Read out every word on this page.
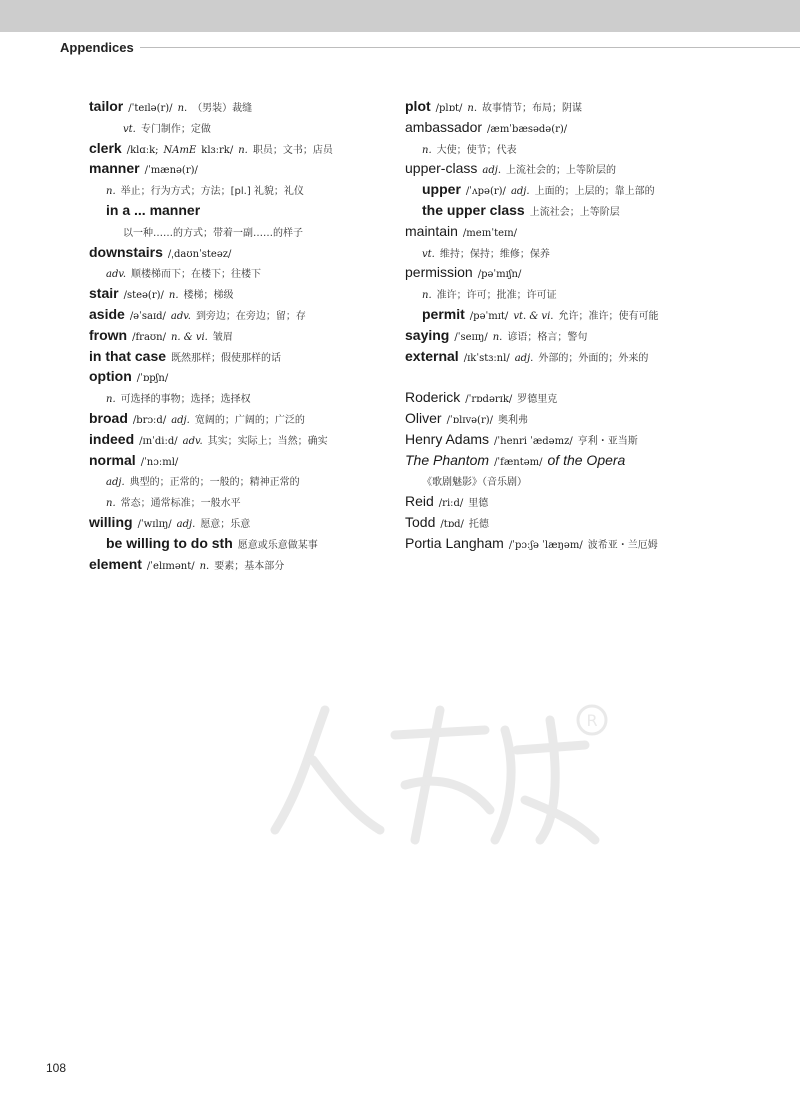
Appendices
tailor /ˈteɪlə(r)/ n. （男装）裁缝
vt. 专门制作；定做
clerk /klɑːk; NAmE klɜːrk/ n. 职员；文书；店员
manner /ˈmænə(r)/
n. 举止；行为方式；方法；[pl.] 礼貌；礼仪
in a ... manner
以一种……的方式；带着一副……的样子
downstairs /ˌdaʊnˈsteəz/
adv. 顺楼梯而下；在楼下；往楼下
stair /steə(r)/ n. 楼梯；梯级
aside /əˈsaɪd/ adv. 到旁边；在旁边；留；存
frown /fraʊn/ n. & vi. 皱眉
in that case 既然那样；假使那样的话
option /ˈɒpʃn/
n. 可选择的事物；选择；选择权
broad /brɔːd/ adj. 宽阔的；广阔的；广泛的
indeed /ɪnˈdiːd/ adv. 其实；实际上；当然；确实
normal /ˈnɔːml/
adj. 典型的；正常的；一般的；精神正常的
n. 常态；通常标准；一般水平
willing /ˈwɪlɪŋ/ adj. 愿意；乐意
be willing to do sth 愿意或乐意做某事
element /ˈelɪmənt/ n. 要素；基本部分
plot /plɒt/ n. 故事情节；布局；阴谋
ambassador /æmˈbæsədə(r)/
n. 大使；使节；代表
upper-class adj. 上流社会的；上等阶层的
upper /ˈʌpə(r)/ adj. 上面的；上层的；靠上部的
the upper class 上流社会；上等阶层
maintain /meɪnˈteɪn/
vt. 维持；保持；维修；保养
permission /pəˈmɪʃn/
n. 准许；许可；批准；许可证
permit /pəˈmɪt/ vt. & vi. 允许；准许；使有可能
saying /ˈseɪɪŋ/ n. 谚语；格言；警句
external /ɪkˈstɜːnl/ adj. 外部的；外面的；外来的
Roderick /ˈrɒdərɪk/ 罗德里克
Oliver /ˈɒlɪvə(r)/ 奥利弗
Henry Adams /ˈhenri ˈædəmz/ 亨利・亚当斯
The Phantom /ˈfæntəm/ of the Opera
《歌剧魅影》（音乐剧）
Reid /riːd/ 里德
Todd /tɒd/ 托德
Portia Langham /ˈpɔːʃə ˈlæŋəm/ 波希亚・兰厄姆
R
108
